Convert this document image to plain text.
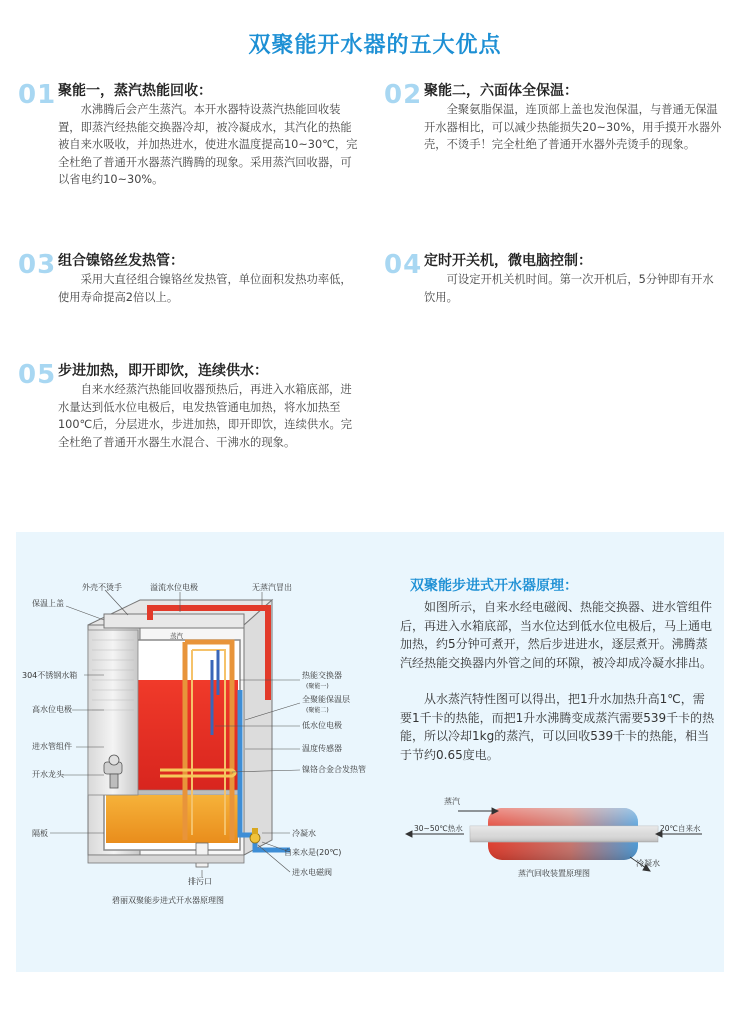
双聚能开水器的五大优点
01 聚能一，蒸汽热能回收：
水沸腾后会产生蒸汽。本开水器特设蒸汽热能回收装置，即蒸汽经热能交换器冷却，被冷凝成水，其汽化的热能被自来水吸收，并加热进水，使进水温度提高10~30℃，完全杜绝了普通开水器蒸汽腾腾的现象。采用蒸汽回收器，可以省电约10~30%。
02 聚能二，六面体全保温：
全聚氨脂保温，连顶部上盖也发泡保温，与普通无保温开水器相比，可以减少热能损失20~30%，用手摸开水器外壳，不烫手！完全杜绝了普通开水器外壳烫手的现象。
03 组合镍铬丝发热管：
采用大直径组合镍铬丝发热管，单位面积发热功率低，使用寿命提高2倍以上。
04 定时开关机，微电脑控制：
可设定开机关机时间。第一次开机后，5分钟即有开水饮用。
05 步进加热，即开即饮，连续供水：
自来水经蒸汽热能回收器预热后，再进入水箱底部，进水量达到低水位电极后，电发热管通电加热，将水加热至100℃后，分层进水，步进加热，即开即饮，连续供水。完全杜绝了普通开水器生水混合、干沸水的现象。
外壳不烫手	溢流水位电极	无蒸汽冒出
保温上盖
蒸汽
304不锈钢水箱
高水位电极
进水管组件
开水龙头
隔板
热能交换器
(聚能一)
全聚能保温层
(聚能二)
低水位电极
温度传感器
镍铬合金合发热管
冷凝水
自来水是(20℃)
进水电磁阀
排污口
碧丽双聚能步进式开水器原理图
蒸汽
30~50℃热水	20℃自来水
冷凝水
蒸汽回收装置原理图
双聚能步进式开水器原理：
如图所示，自来水经电磁阀、热能交换器、进水管组件后，再进入水箱底部，当水位达到低水位电极后，马上通电加热，约5分钟可煮开，然后步进进水，逐层煮开。沸腾蒸汽经热能交换器内外管之间的环隙，被冷却成冷凝水排出。
从水蒸汽特性图可以得出，把1升水加热升高1℃，需要1千卡的热能，而把1升水沸腾变成蒸汽需要539千卡的热能，所以冷却1kg的蒸汽，可以回收539千卡的热能，相当于节约0.65度电。
